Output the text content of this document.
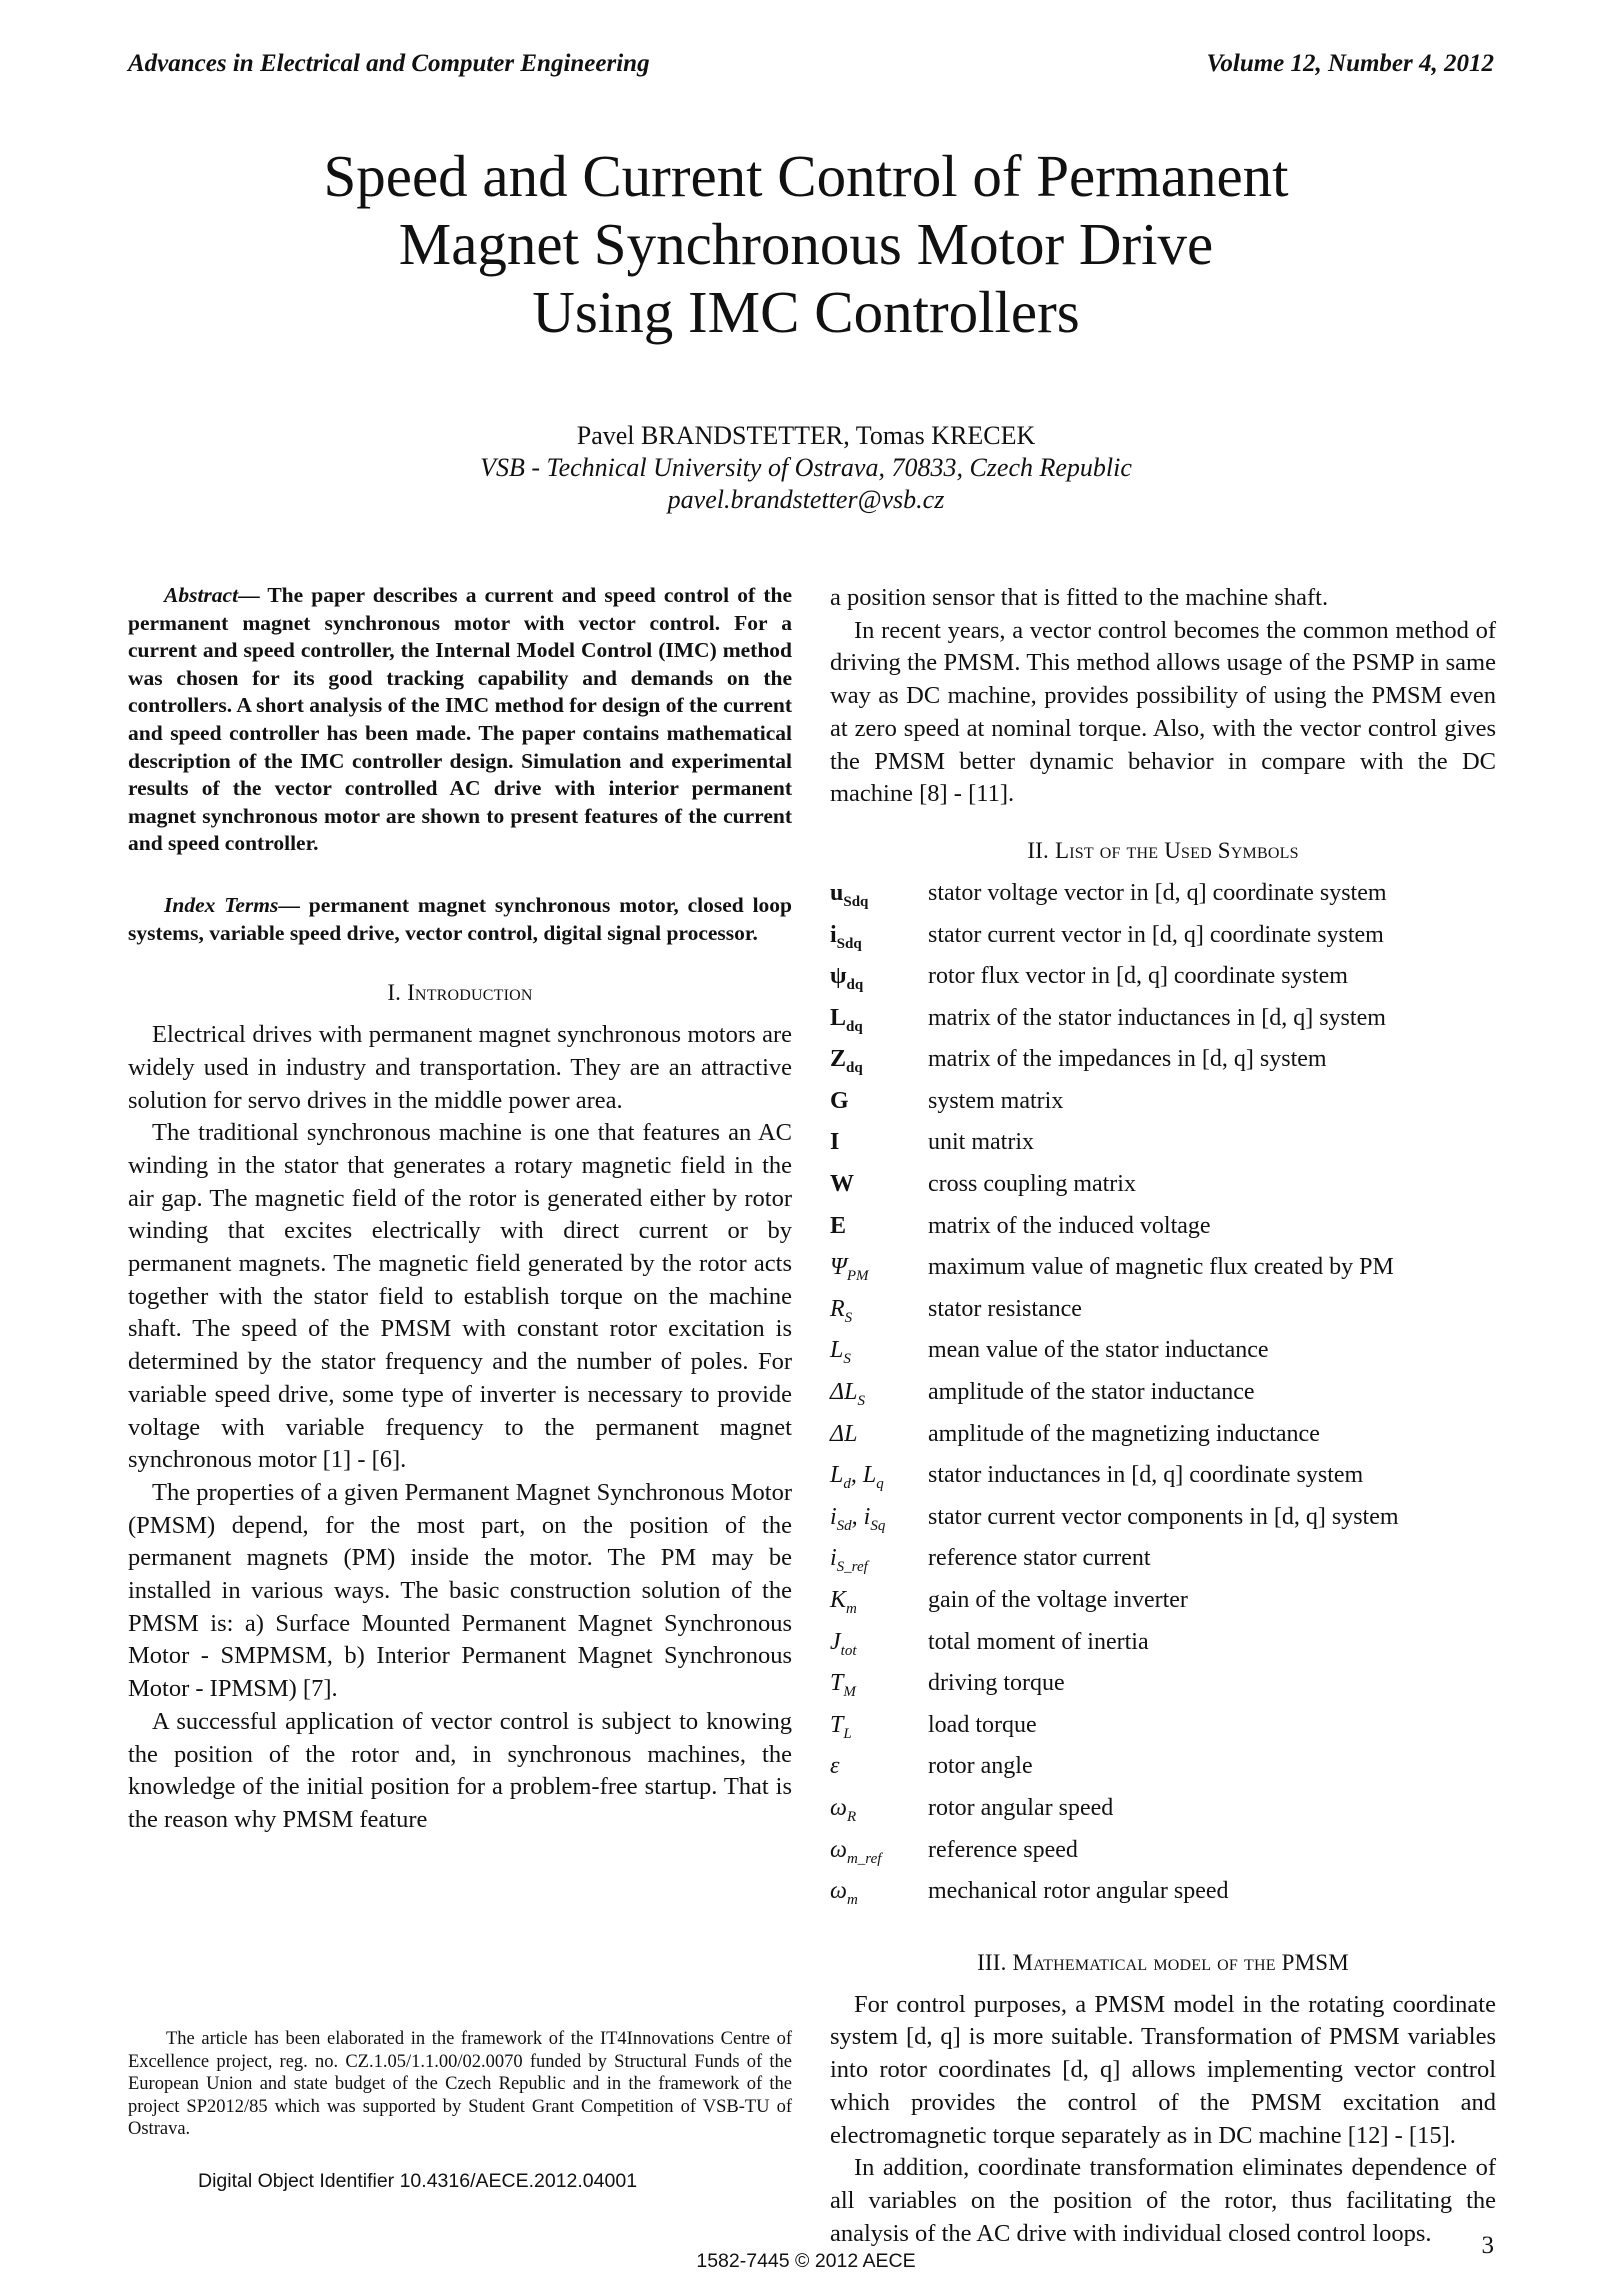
Advances in Electrical and Computer Engineering	Volume 12, Number 4, 2012
Speed and Current Control of Permanent
Magnet Synchronous Motor Drive
Using IMC Controllers
Pavel BRANDSTETTER, Tomas KRECEK
VSB - Technical University of Ostrava, 70833, Czech Republic
pavel.brandstetter@vsb.cz

Abstract— The paper describes a current and speed control of the permanent magnet synchronous motor with vector control. For a current and speed controller, the Internal Model Control (IMC) method was chosen for its good tracking capability and demands on the controllers. A short analysis of the IMC method for design of the current and speed controller has been made. The paper contains mathematical description of the IMC controller design. Simulation and experimental results of the vector controlled AC drive with interior permanent magnet synchronous motor are shown to present features of the current and speed controller.

Index Terms— permanent magnet synchronous motor, closed loop systems, variable speed drive, vector control, digital signal processor.

I. Introduction

Electrical drives with permanent magnet synchronous motors are widely used in industry and transportation. They are an attractive solution for servo drives in the middle power area.

The traditional synchronous machine is one that features an AC winding in the stator that generates a rotary magnetic field in the air gap. The magnetic field of the rotor is generated either by rotor winding that excites electrically with direct current or by permanent magnets. The magnetic field generated by the rotor acts together with the stator field to establish torque on the machine shaft. The speed of the PMSM with constant rotor excitation is determined by the stator frequency and the number of poles. For variable speed drive, some type of inverter is necessary to provide voltage with variable frequency to the permanent magnet synchronous motor [1] - [6].

The properties of a given Permanent Magnet Synchronous Motor (PMSM) depend, for the most part, on the position of the permanent magnets (PM) inside the motor. The PM may be installed in various ways. The basic construction solution of the PMSM is: a) Surface Mounted Permanent Magnet Synchronous Motor - SMPMSM, b) Interior Permanent Magnet Synchronous Motor - IPMSM) [7].

A successful application of vector control is subject to knowing the position of the rotor and, in synchronous machines, the knowledge of the initial position for a problem-free startup. That is the reason why PMSM feature

a position sensor that is fitted to the machine shaft.

In recent years, a vector control becomes the common method of driving the PMSM. This method allows usage of the PSMP in same way as DC machine, provides possibility of using the PMSM even at zero speed at nominal torque. Also, with the vector control gives the PMSM better dynamic behavior in compare with the DC machine [8] - [11].

II. List of the Used Symbols
$u_{Sdq}$	stator voltage vector in [d, q] coordinate system
$i_{Sdq}$	stator current vector in [d, q] coordinate system
$\psi_{dq}$	rotor flux vector in [d, q] coordinate system
$L_{dq}$	matrix of the stator inductances in [d, q] system
$Z_{dq}$	matrix of the impedances in [d, q] system
G	system matrix
I	unit matrix
W	cross coupling matrix
E	matrix of the induced voltage
$\Psi_{PM}$	maximum value of magnetic flux created by PM
$R_S$	stator resistance
$L_S$	mean value of the stator inductance
$\Delta L_S$	amplitude of the stator inductance
ΔL	amplitude of the magnetizing inductance
$L_d$, $L_q$	stator inductances in [d, q] coordinate system
$i_{Sd}$, $i_{Sq}$	stator current vector components in [d, q] system
$i_{S\_ref}$	reference stator current
$K_m$	gain of the voltage inverter
$J_{tot}$	total moment of inertia
$T_M$	driving torque
$T_L$	load torque
ε	rotor angle
$\omega_R$	rotor angular speed
$\omega_{m\_ref}$	reference speed
$\omega_m$	mechanical rotor angular speed
III. Mathematical model of the PMSM

For control purposes, a PMSM model in the rotating coordinate system [d, q] is more suitable. Transformation of PMSM variables into rotor coordinates [d, q] allows implementing vector control which provides the control of the PMSM excitation and electromagnetic torque separately as in DC machine [12] - [15].

In addition, coordinate transformation eliminates dependence of all variables on the position of the rotor, thus facilitating the analysis of the AC drive with individual closed control loops.

The article has been elaborated in the framework of the IT4Innovations Centre of Excellence project, reg. no. CZ.1.05/1.1.00/02.0070 funded by Structural Funds of the European Union and state budget of the Czech Republic and in the framework of the project SP2012/85 which was supported by Student Grant Competition of VSB-TU of Ostrava.
Digital Object Identifier 10.4316/AECE.2012.04001
3
1582-7445 © 2012 AECE
